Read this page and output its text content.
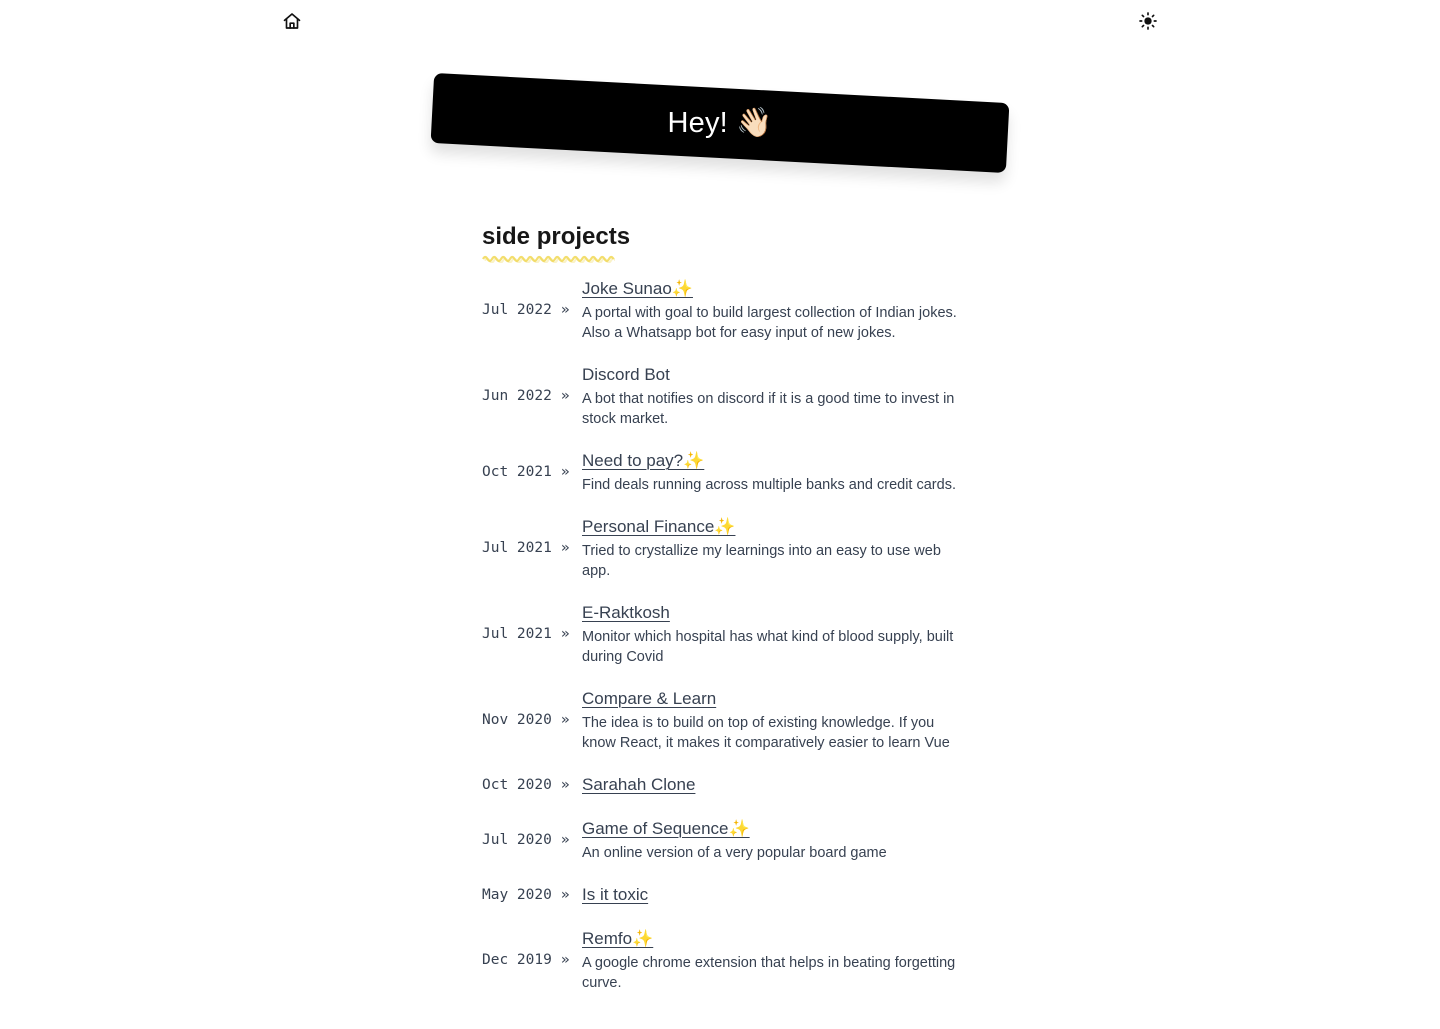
Hey! 👋🏻
side projects
Jul 2022 »
Joke Sunao✨
A portal with goal to build largest collection of Indian jokes. Also a Whatsapp bot for easy input of new jokes.
Jun 2022 »
Discord Bot
A bot that notifies on discord if it is a good time to invest in stock market.
Oct 2021 »
Need to pay?✨
Find deals running across multiple banks and credit cards.
Jul 2021 »
Personal Finance✨
Tried to crystallize my learnings into an easy to use web app.
Jul 2021 »
E-Raktkosh
Monitor which hospital has what kind of blood supply, built during Covid
Nov 2020 »
Compare & Learn
The idea is to build on top of existing knowledge. If you know React, it makes it comparatively easier to learn Vue
Oct 2020 » Sarahah Clone
Jul 2020 »
Game of Sequence✨
An online version of a very popular board game
May 2020 » Is it toxic
Dec 2019 »
Remfo✨
A google chrome extension that helps in beating forgetting curve.
